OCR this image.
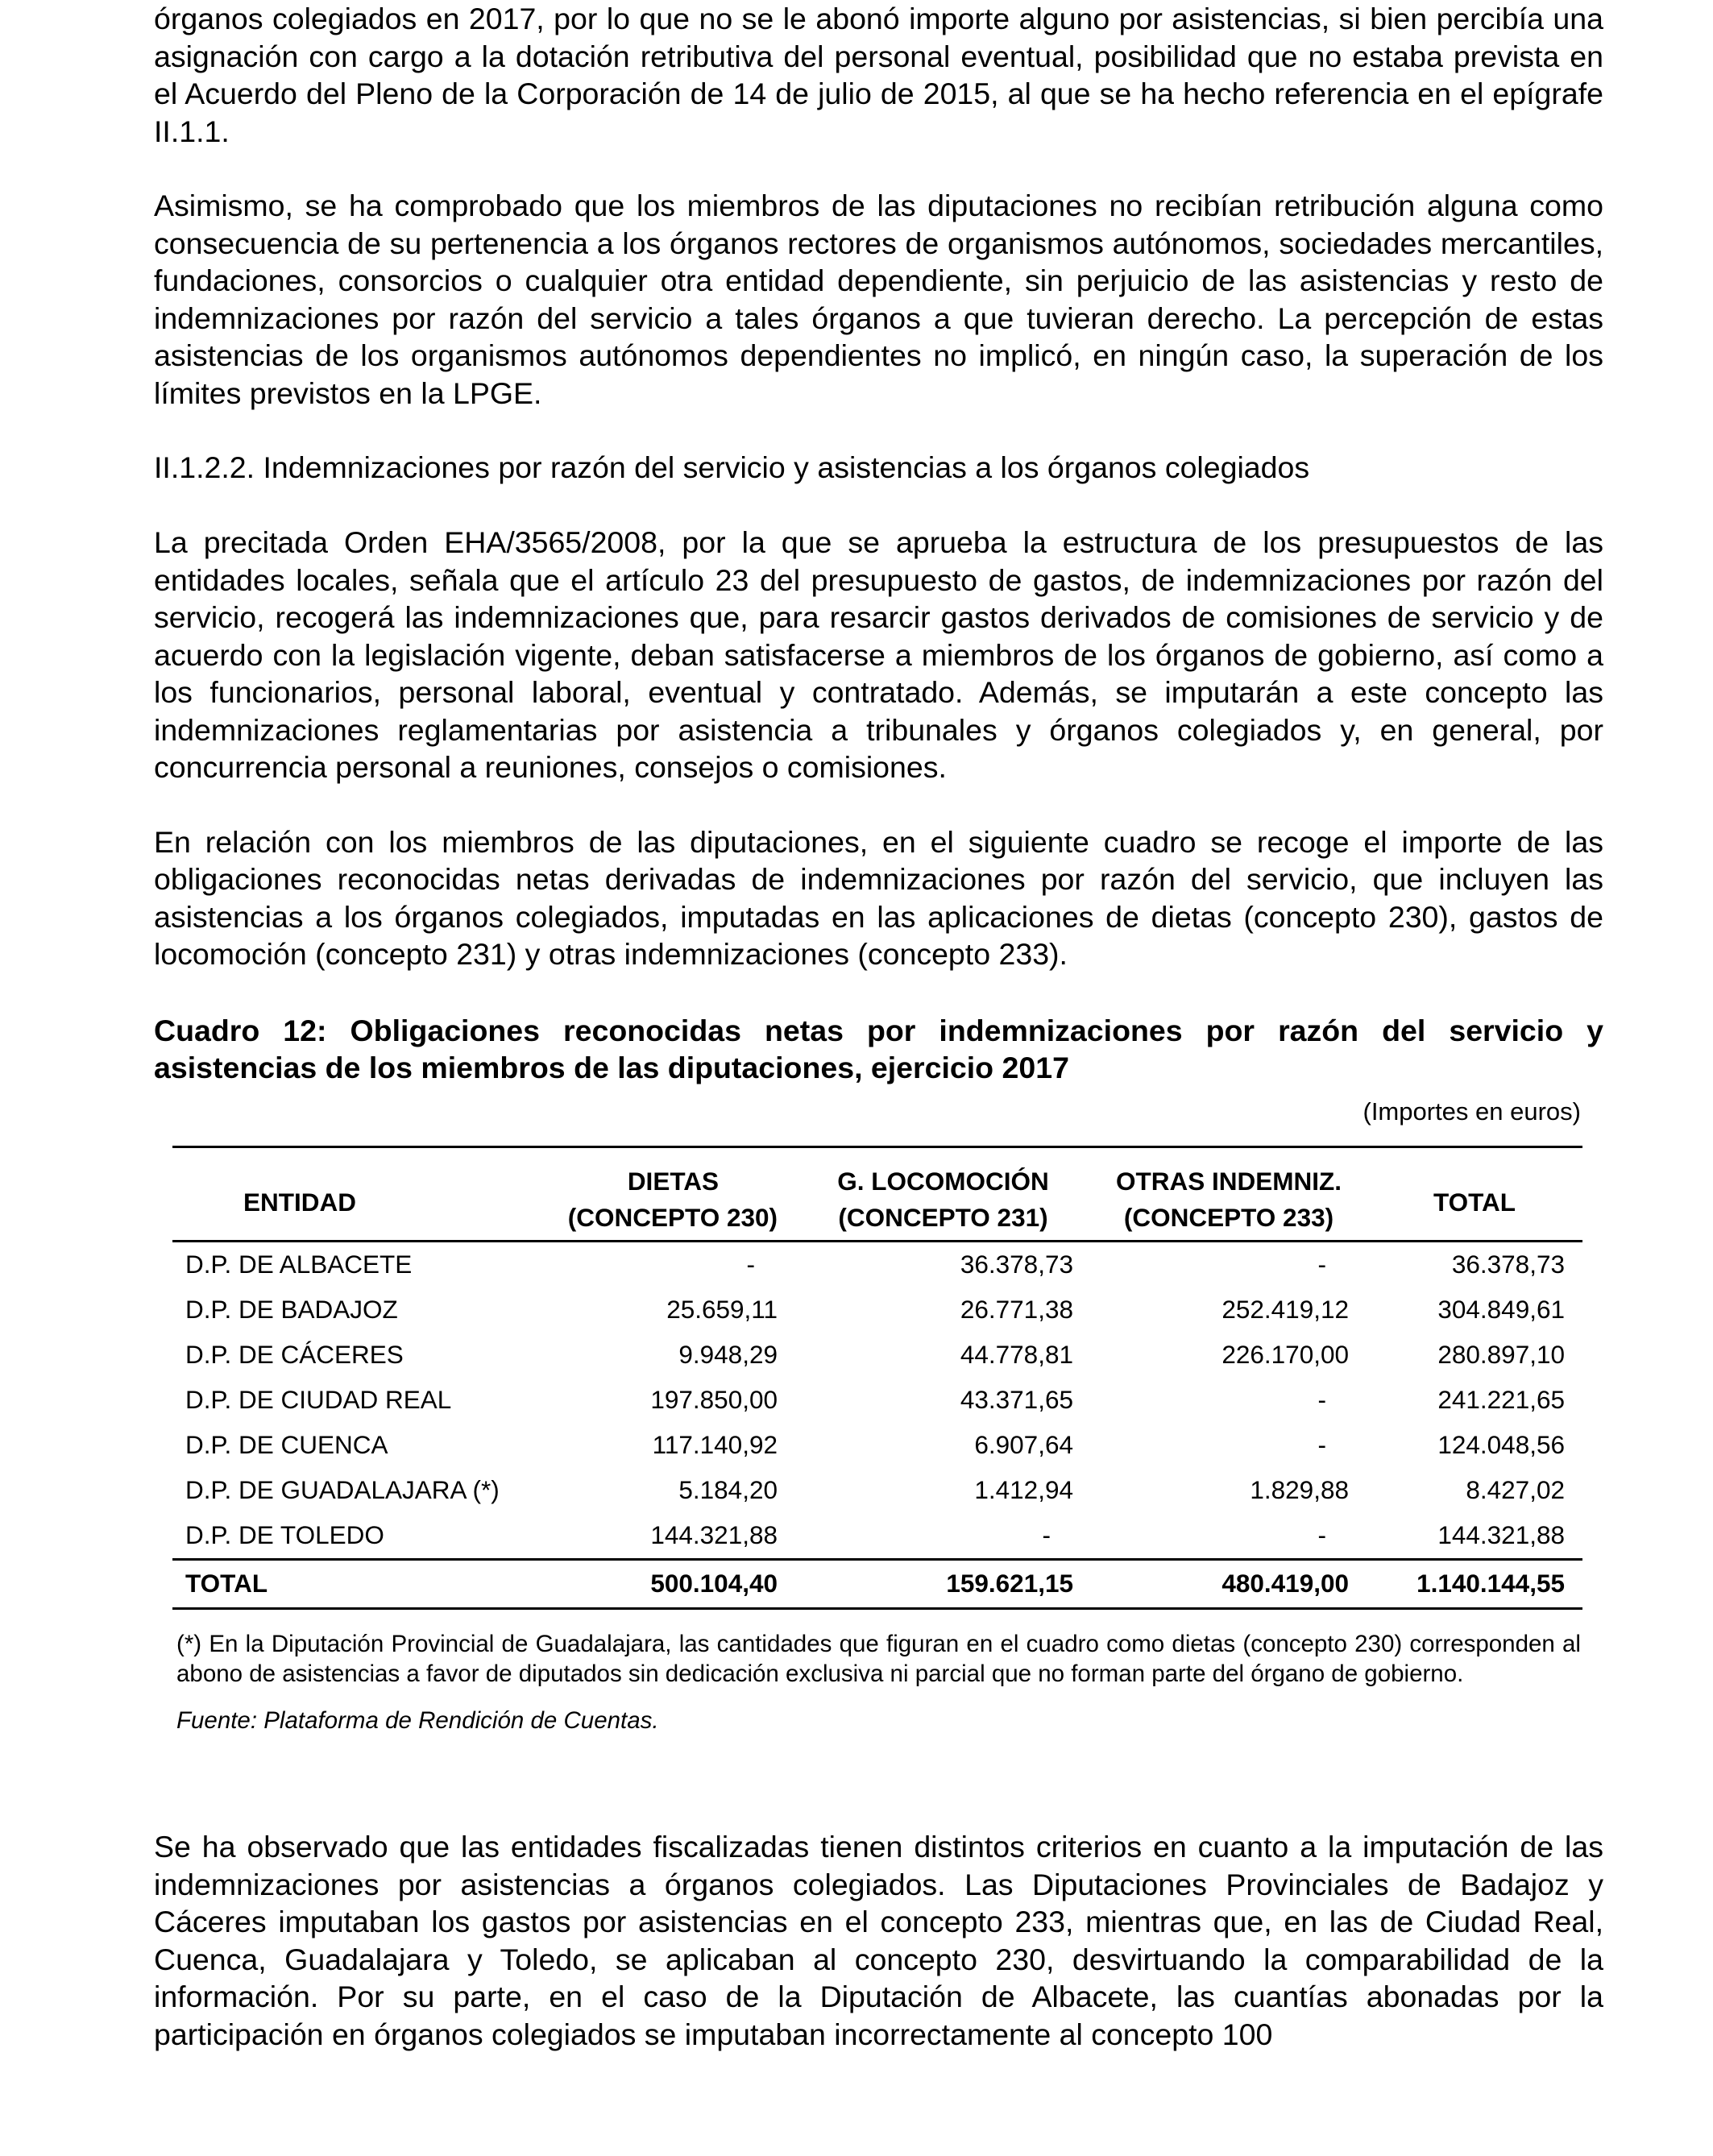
órganos colegiados en 2017, por lo que no se le abonó importe alguno por asistencias, si bien percibía una asignación con cargo a la dotación retributiva del personal eventual, posibilidad que no estaba prevista en el Acuerdo del Pleno de la Corporación de 14 de julio de 2015, al que se ha hecho referencia en el epígrafe II.1.1.

Asimismo, se ha comprobado que los miembros de las diputaciones no recibían retribución alguna como consecuencia de su pertenencia a los órganos rectores de organismos autónomos, sociedades mercantiles, fundaciones, consorcios o cualquier otra entidad dependiente, sin perjuicio de las asistencias y resto de indemnizaciones por razón del servicio a tales órganos a que tuvieran derecho. La percepción de estas asistencias de los organismos autónomos dependientes no implicó, en ningún caso, la superación de los límites previstos en la LPGE.

II.1.2.2. Indemnizaciones por razón del servicio y asistencias a los órganos colegiados

La precitada Orden EHA/3565/2008, por la que se aprueba la estructura de los presupuestos de las entidades locales, señala que el artículo 23 del presupuesto de gastos, de indemnizaciones por razón del servicio, recogerá las indemnizaciones que, para resarcir gastos derivados de comisiones de servicio y de acuerdo con la legislación vigente, deban satisfacerse a miembros de los órganos de gobierno, así como a los funcionarios, personal laboral, eventual y contratado. Además, se imputarán a este concepto las indemnizaciones reglamentarias por asistencia a tribunales y órganos colegiados y, en general, por concurrencia personal a reuniones, consejos o comisiones.

En relación con los miembros de las diputaciones, en el siguiente cuadro se recoge el importe de las obligaciones reconocidas netas derivadas de indemnizaciones por razón del servicio, que incluyen las asistencias a los órganos colegiados, imputadas en las aplicaciones de dietas (concepto 230), gastos de locomoción (concepto 231) y otras indemnizaciones (concepto 233).

Cuadro 12: Obligaciones reconocidas netas por indemnizaciones por razón del servicio y asistencias de los miembros de las diputaciones, ejercicio 2017

(Importes en euros)

ENTIDAD	DIETAS	G. LOCOMOCIÓN	OTRAS INDEMNIZ.	TOTAL
	(CONCEPTO 230)	(CONCEPTO 231)	(CONCEPTO 233)	
D.P. DE ALBACETE	-	36.378,73	-	36.378,73
D.P. DE BADAJOZ	25.659,11	26.771,38	252.419,12	304.849,61
D.P. DE CÁCERES	9.948,29	44.778,81	226.170,00	280.897,10
D.P. DE CIUDAD REAL	197.850,00	43.371,65	-	241.221,65
D.P. DE CUENCA	117.140,92	6.907,64	-	124.048,56
D.P. DE GUADALAJARA (*)	5.184,20	1.412,94	1.829,88	8.427,02
D.P. DE TOLEDO	144.321,88	-	-	144.321,88
TOTAL	500.104,40	159.621,15	480.419,00	1.140.144,55

(*) En la Diputación Provincial de Guadalajara, las cantidades que figuran en el cuadro como dietas (concepto 230) corresponden al abono de asistencias a favor de diputados sin dedicación exclusiva ni parcial que no forman parte del órgano de gobierno.

Fuente: Plataforma de Rendición de Cuentas.

Se ha observado que las entidades fiscalizadas tienen distintos criterios en cuanto a la imputación de las indemnizaciones por asistencias a órganos colegiados. Las Diputaciones Provinciales de Badajoz y Cáceres imputaban los gastos por asistencias en el concepto 233, mientras que, en las de Ciudad Real, Cuenca, Guadalajara y Toledo, se aplicaban al concepto 230, desvirtuando la comparabilidad de la información. Por su parte, en el caso de la Diputación de Albacete, las cuantías abonadas por la participación en órganos colegiados se imputaban incorrectamente al concepto 100
